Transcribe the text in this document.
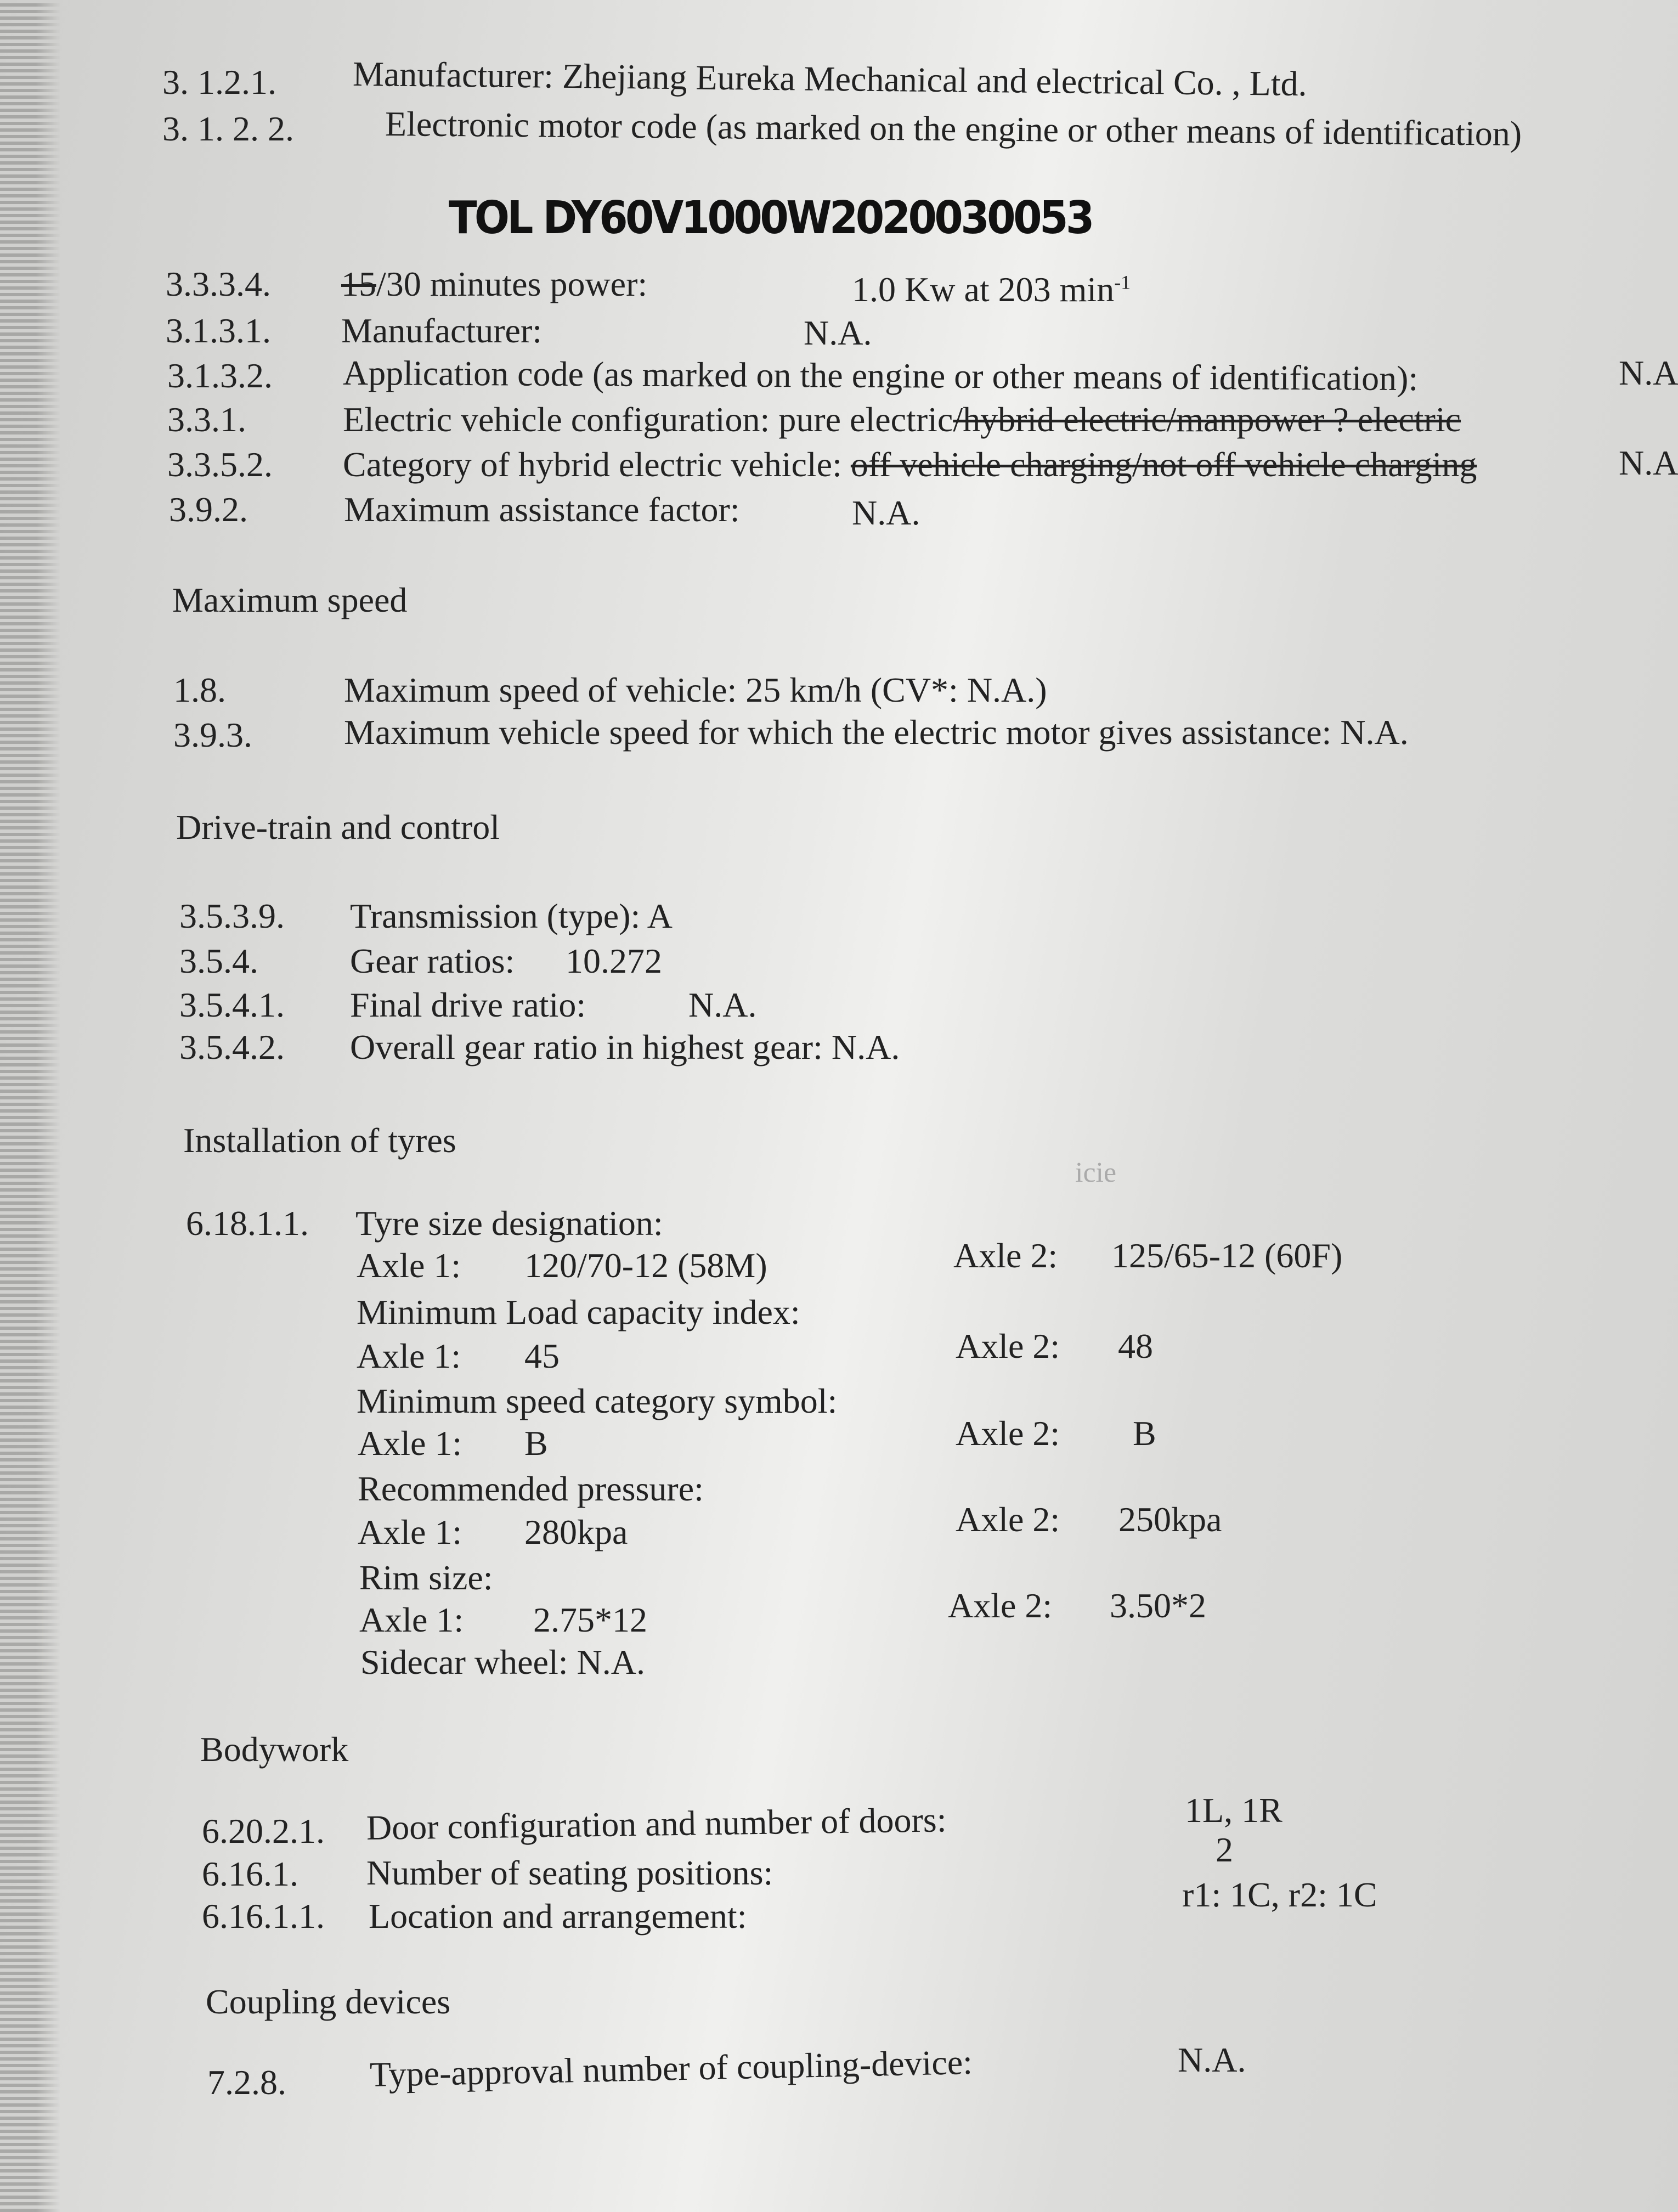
3. 1.2.1. Manufacturer: Zhejiang Eureka Mechanical and electrical Co. , Ltd.
3. 1. 2. 2.	Electronic motor code (as marked on the engine or other means of identification)
TOL DY60V1000W2020030053
3.3.3.4. 15/30 minutes power:	1.0 Kw at 203 $\min^{-1}$
3.1.3.1. Manufacturer:	N.A.
3.1.3.2. Application code (as marked on the engine or other means of identification):	N.A
3.3.1.	Electric vehicle configuration: pure electric/hybrid electric/manpower ? electric
3.3.5.2. Category of hybrid electric vehicle: off vehicle charging/not off vehicle charging	N.A
3.9.2.	Maximum assistance factor:	N.A.
Maximum speed
1.8.	Maximum speed of vehicle: 25 km/h (CV*: N.A.)
3.9.3.	Maximum vehicle speed for which the electric motor gives assistance: N.A.
Drive-train and control
3.5.3.9. Transmission (type): A
3.5.4.	Gear ratios: 10.272
3.5.4.1. Final drive ratio:	N.A.
3.5.4.2. Overall gear ratio in highest gear: N.A.
Installation of tyres
icie
6.18.1.1. Tyre size designation:
Axle 1: 120/70-12 (58M)	Axle 2: 125/65-12 (60F)
Minimum Load capacity index:
Axle 1: 45	Axle 2: 48
Minimum speed category symbol:
Axle 1: B	Axle 2: B
Recommended pressure:
Axle 1: 280kpa	Axle 2: 250kpa
Rim size:
Axle 1: 2.75*12	Axle 2: 3.50*2
Sidecar wheel: N.A.
Bodywork
6.20.2.1. Door configuration and number of doors:	1L, 1R
6.16.1. Number of seating positions:
2
6.16.1.1. Location and arrangement:
r1: 1C, r2: 1C
Coupling devices
7.2.8. Type-approval number of coupling-device:	N.A.
